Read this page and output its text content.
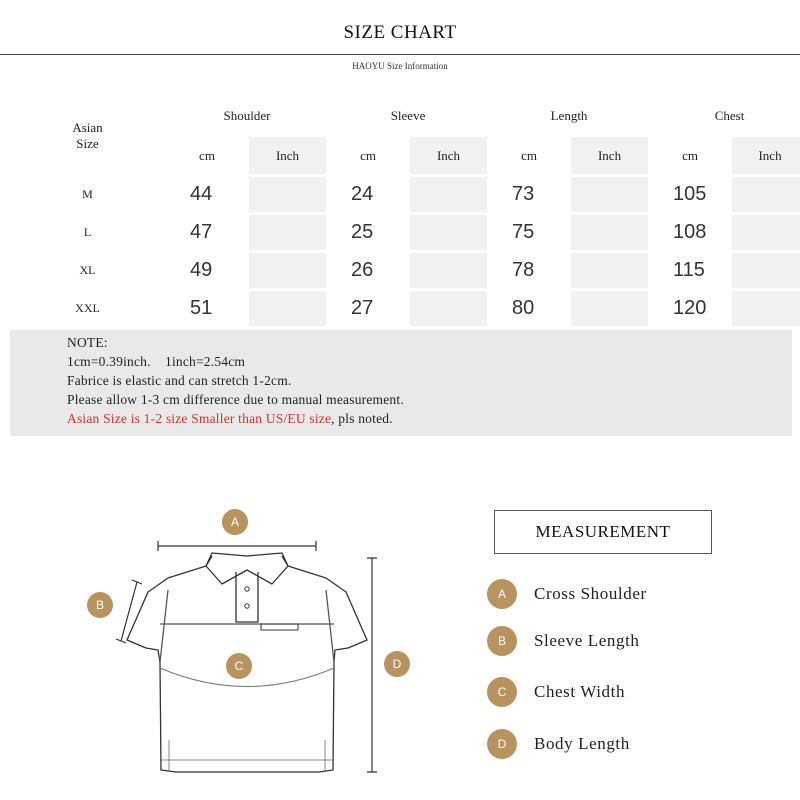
SIZE CHART
HAOYU Size Information
Asian
Size	Shoulder		Sleeve		Length		Chest	
	cm	Inch	cm	Inch	cm	Inch	cm	Inch
M	44		24		73		105	
L	47		25		75		108	
XL	49		26		78		115	
XXL	51		27		80		120	
NOTE:
1cm=0.39inch.    1inch=2.54cm
Fabrice is elastic and can stretch 1-2cm.
Please allow 1-3 cm difference due to manual measurement.
Asian Size is 1-2 size Smaller than US/EU size, pls noted.
A
B
C	D
MEASUREMENT
A	Cross Shoulder
B	Sleeve Length
C	Chest Width
D	Body Length
